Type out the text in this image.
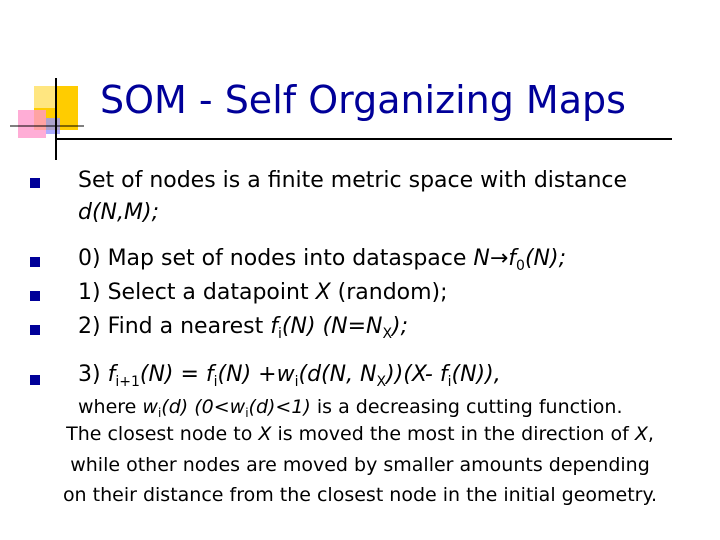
SOM - Self Organizing Maps
Set of nodes is a finite metric space with distance
d(N,M);
0) Map set of nodes into dataspace $N\to f_0(N)$;
1) Select a datapoint X (random);
2) Find a nearest $f_i(N)$ $(N=N_X)$;
3) $f_{i+1}(N) = f_i(N) +w_i(d(N$, $N_X))(X-$ $f_i(N)$),
where $w_i(d)$ $(0<w_i(d)<1)$ is a decreasing cutting function.
The closest node to X is moved the most in the direction of X,
while other nodes are moved by smaller amounts depending
on their distance from the closest node in the initial geometry.
